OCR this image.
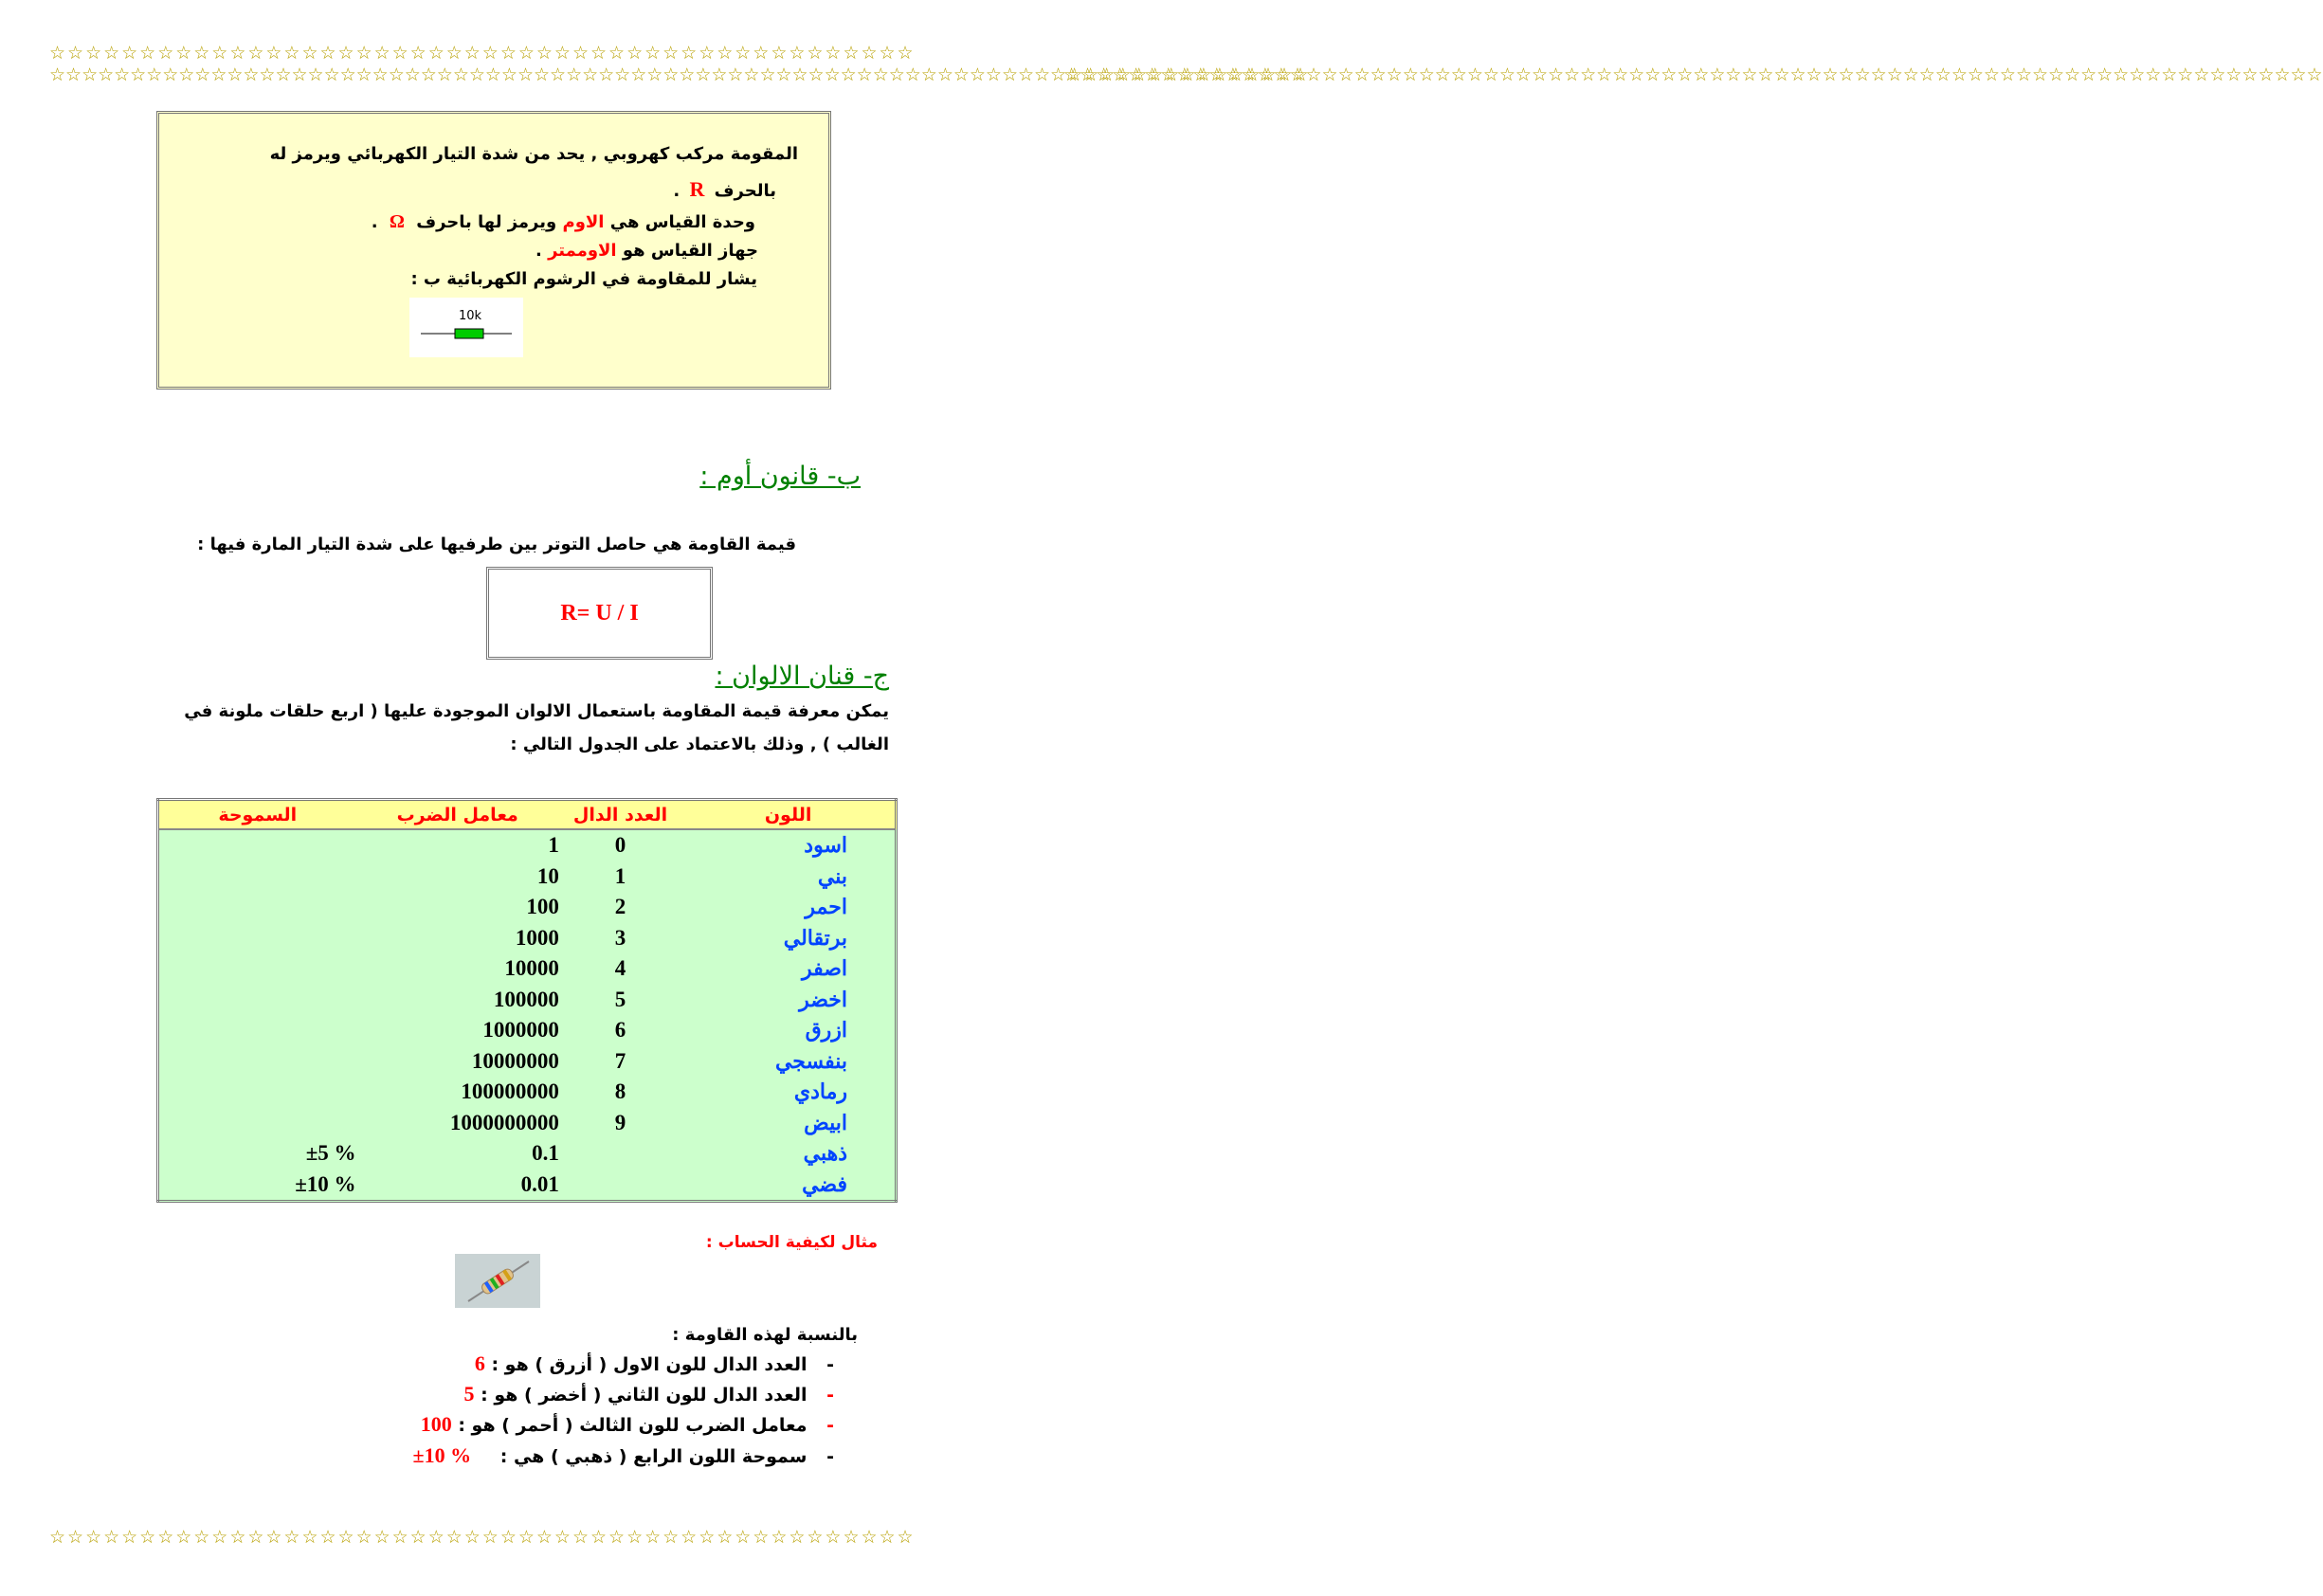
☆☆☆☆☆☆☆☆☆☆☆☆☆☆☆☆☆☆☆☆☆☆☆☆☆☆☆☆☆☆☆☆☆☆☆☆☆☆☆☆☆☆☆☆☆☆☆☆
☆☆☆☆☆☆☆☆☆☆☆☆☆☆☆☆☆☆☆☆☆☆☆☆☆☆☆☆☆☆☆☆☆☆☆☆☆☆☆☆☆☆☆☆☆☆☆☆
☆☆☆☆☆☆☆☆☆☆☆☆☆☆☆☆☆☆☆☆☆☆☆☆☆☆☆☆☆☆☆☆☆☆☆☆☆☆☆☆☆☆☆☆☆☆☆☆☆☆☆☆☆☆☆☆☆☆☆☆☆☆☆☆☆☆☆☆☆☆☆☆☆☆☆☆☆☆
☆☆☆☆☆☆☆☆☆☆☆☆☆☆☆☆☆☆☆☆☆☆☆☆☆☆☆☆☆☆☆☆☆☆☆☆☆☆☆☆☆☆☆☆☆☆☆☆☆☆☆☆☆☆☆☆☆☆☆☆☆☆☆☆☆☆☆☆☆☆☆☆☆☆☆☆☆☆
المقومة مركب كهروبي , يحد من شدة التيار الكهربائي ويرمز له
بالحرف R .
وحدة القياس هي الاوم ويرمز لها باحرف Ω .
جهاز القياس هو الاوممتر .
يشار للمقاومة في الرشوم الكهربائية ب :
10k
ب- قانون أوم :
قيمة القاومة هي حاصل التوتر بين طرفيها على شدة التيار المارة فيها :
R= U / I
ج- قنان الالوان :
يمكن معرفة قيمة المقاومة باستعمال الالوان الموجودة عليها ( اربع حلقات ملونة في
الغالب ) , وذلك بالاعتماد على الجدول التالي :
السموحة	معامل الضرب	العدد الدال	اللون
	1	0	اسود
	10	1	بني
	100	2	احمر
	1000	3	برتقالي
	10000	4	اصفر
	100000	5	اخضر
	1000000	6	ازرق
	10000000	7	بنفسجي
	100000000	8	رمادي
	1000000000	9	ابيض
±5 %	0.1		ذهبي
±10 %	0.01		فضي
مثال لكيفية الحساب :
بالنسبة لهذه القاومة :
- العدد الدال للون الاول ( أزرق ) هو : 6
- العدد الدال للون الثاني ( أخضر ) هو : 5
- معامل الضرب للون الثالث ( أحمر ) هو : 100
- سموحة اللون الرابع ( ذهبي ) هي : ±10 %
